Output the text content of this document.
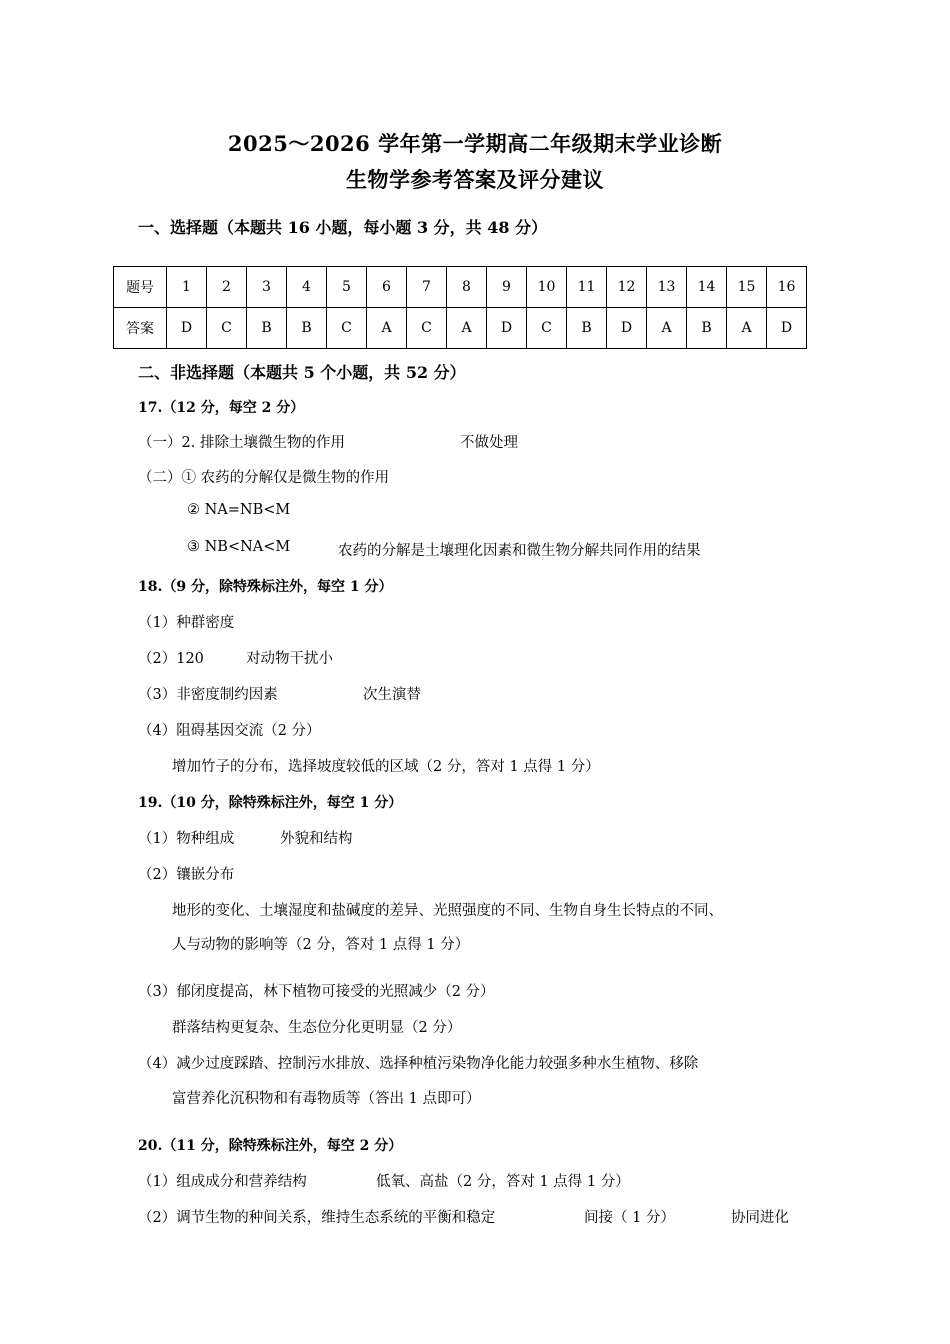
2025～2026 学年第一学期高二年级期末学业诊断
生物学参考答案及评分建议
一、选择题（本题共 16 小题，每小题 3 分，共 48 分）
题号	1	2	3	4	5	6	7	8	9	10	11	12	13	14	15	16
答案	D	C	B	B	C	A	C	A	D	C	B	D	A	B	A	D
二、非选择题（本题共 5 个小题，共 52 分）
17.（12 分，每空 2 分）
（一）2. 排除土壤微生物的作用	不做处理
（二）① 农药的分解仅是微生物的作用
② NA=NB<M
③ NB<NA<M	农药的分解是土壤理化因素和微生物分解共同作用的结果
18.（9 分，除特殊标注外，每空 1 分）
（1）种群密度
（2）120	对动物干扰小
（3）非密度制约因素	次生演替
（4）阻碍基因交流（2 分）
增加竹子的分布，选择坡度较低的区域（2 分，答对 1 点得 1 分）
19.（10 分，除特殊标注外，每空 1 分）
（1）物种组成	外貌和结构
（2）镶嵌分布
地形的变化、土壤湿度和盐碱度的差异、光照强度的不同、生物自身生长特点的不同、
人与动物的影响等（2 分，答对 1 点得 1 分）
（3）郁闭度提高，林下植物可接受的光照减少（2 分）
群落结构更复杂、生态位分化更明显（2 分）
（4）减少过度踩踏、控制污水排放、选择种植污染物净化能力较强多种水生植物、移除
富营养化沉积物和有毒物质等（答出 1 点即可）
20.（11 分，除特殊标注外，每空 2 分）
（1）组成成分和营养结构	低氧、高盐（2 分，答对 1 点得 1 分）
（2）调节生物的种间关系，维持生态系统的平衡和稳定	间接（ 1 分）	协同进化
